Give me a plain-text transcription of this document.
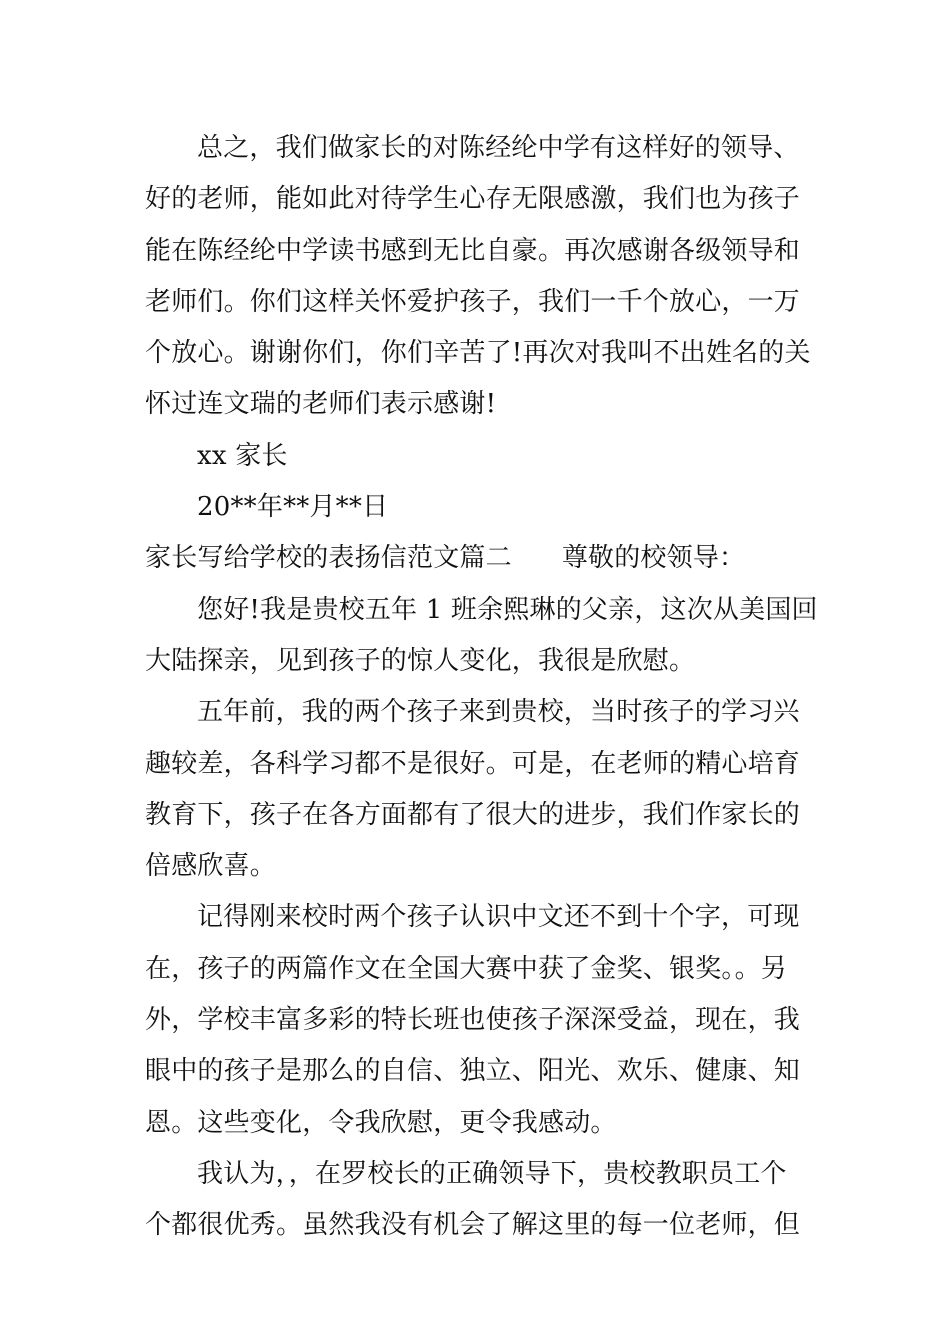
总之，我们做家长的对陈经纶中学有这样好的领导、
好的老师，能如此对待学生心存无限感激，我们也为孩子
能在陈经纶中学读书感到无比自豪。再次感谢各级领导和
老师们。你们这样关怀爱护孩子，我们一千个放心，一万
个放心。谢谢你们，你们辛苦了!再次对我叫不出姓名的关
怀过连文瑞的老师们表示感谢!
xx 家长
20**年**月**日
家长写给学校的表扬信范文篇二 尊敬的校领导：
您好!我是贵校五年 1 班余熙琳的父亲，这次从美国回
大陆探亲，见到孩子的惊人变化，我很是欣慰。
五年前，我的两个孩子来到贵校，当时孩子的学习兴
趣较差，各科学习都不是很好。可是，在老师的精心培育
教育下，孩子在各方面都有了很大的进步，我们作家长的
倍感欣喜。
记得刚来校时两个孩子认识中文还不到十个字，可现
在，孩子的两篇作文在全国大赛中获了金奖、银奖。。另
外，学校丰富多彩的特长班也使孩子深深受益，现在，我
眼中的孩子是那么的自信、独立、阳光、欢乐、健康、知
恩。这些变化，令我欣慰，更令我感动。
我认为，，在罗校长的正确领导下，贵校教职员工个
个都很优秀。虽然我没有机会了解这里的每一位老师，但
